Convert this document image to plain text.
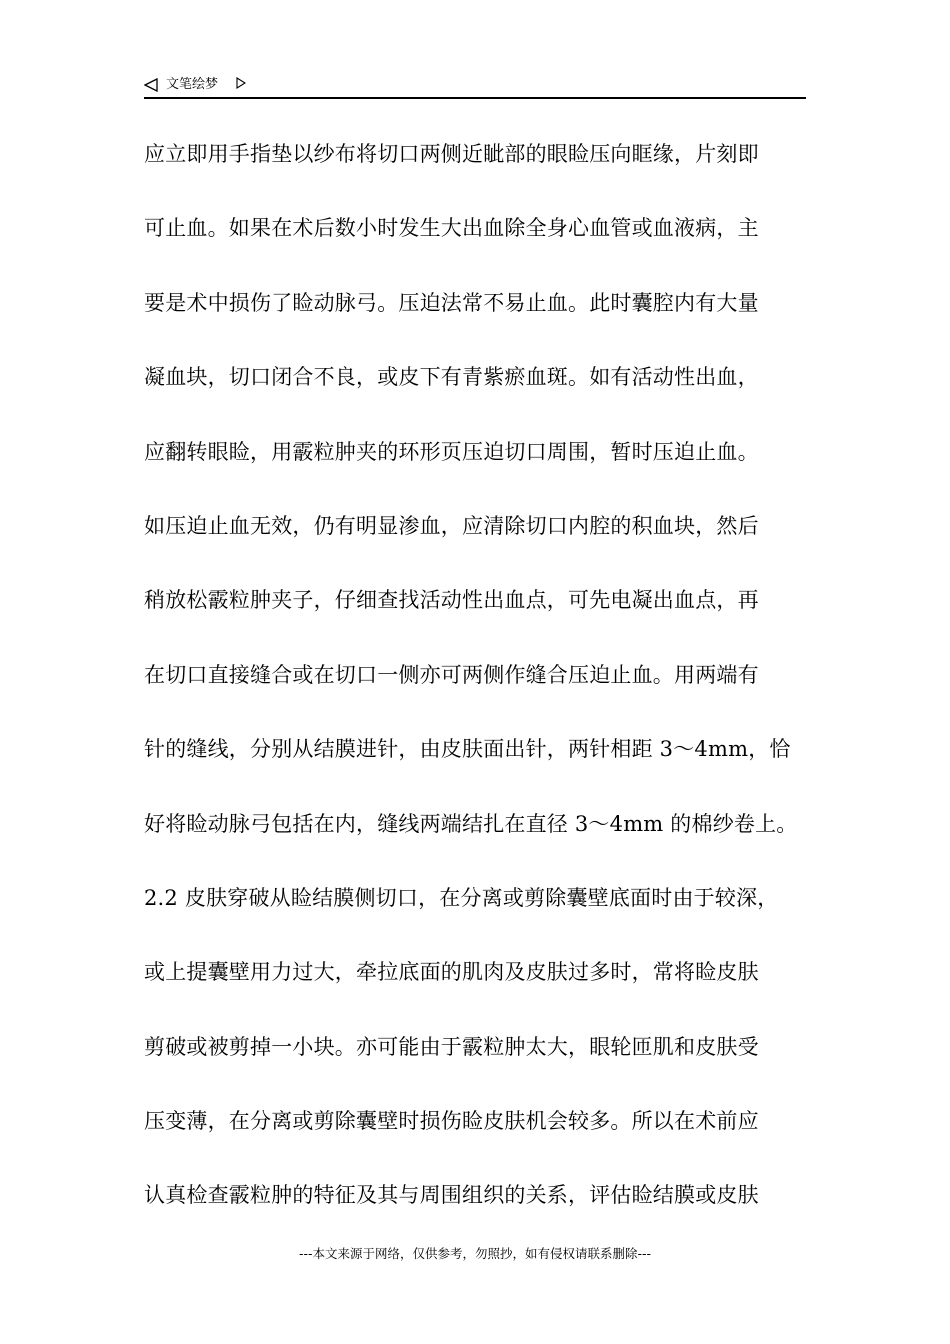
文笔绘梦
应立即用手指垫以纱布将切口两侧近眦部的眼睑压向眶缘，片刻即
可止血。如果在术后数小时发生大出血除全身心血管或血液病，主
要是术中损伤了睑动脉弓。压迫法常不易止血。此时囊腔内有大量
凝血块，切口闭合不良，或皮下有青紫瘀血斑。如有活动性出血，
应翻转眼睑，用霰粒肿夹的环形页压迫切口周围，暂时压迫止血。
如压迫止血无效，仍有明显渗血，应清除切口内腔的积血块，然后
稍放松霰粒肿夹子，仔细查找活动性出血点，可先电凝出血点，再
在切口直接缝合或在切口一侧亦可两侧作缝合压迫止血。用两端有
针的缝线，分别从结膜进针，由皮肤面出针，两针相距 3～4mm，恰
好将睑动脉弓包括在内，缝线两端结扎在直径 3～4mm 的棉纱卷上。
2.2 皮肤穿破从睑结膜侧切口，在分离或剪除囊壁底面时由于较深，
或上提囊壁用力过大，牵拉底面的肌肉及皮肤过多时，常将睑皮肤
剪破或被剪掉一小块。亦可能由于霰粒肿太大，眼轮匝肌和皮肤受
压变薄，在分离或剪除囊壁时损伤睑皮肤机会较多。所以在术前应
认真检查霰粒肿的特征及其与周围组织的关系，评估睑结膜或皮肤
---本文来源于网络，仅供参考，勿照抄，如有侵权请联系删除---
